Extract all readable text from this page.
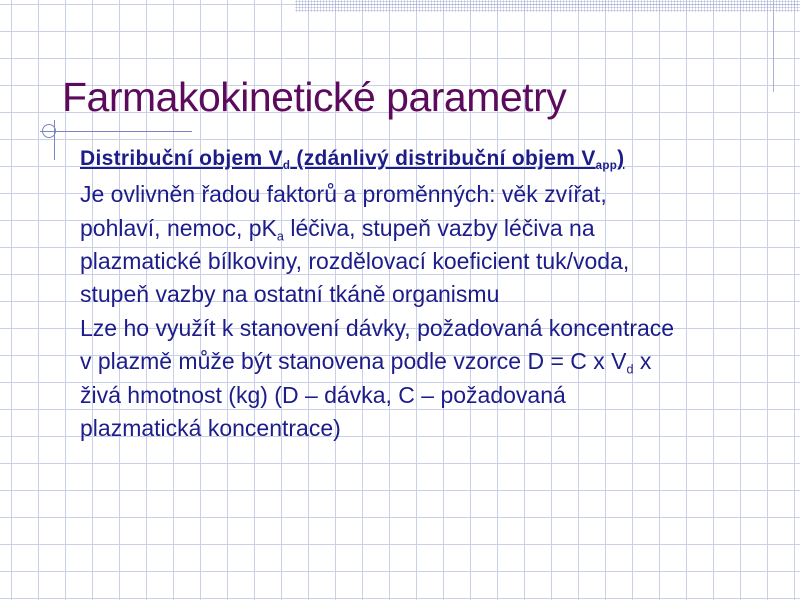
Farmakokinetické parametry

Distribuční objem $V_d$ (zdánlivý distribuční objem $V_{app}$)

Je ovlivněn řadou faktorů a proměnných: věk zvířat,
pohlaví, nemoc, $pK_a$ léčiva, stupeň vazby léčiva na
plazmatické bílkoviny, rozdělovací koeficient tuk/voda,
stupeň vazby na ostatní tkáně organismu

Lze ho využít k stanovení dávky, požadovaná koncentrace
v plazmě může být stanovena podle vzorce D = C x $V_d$ x
živá hmotnost (kg) (D – dávka, C – požadovaná
plazmatická koncentrace)
